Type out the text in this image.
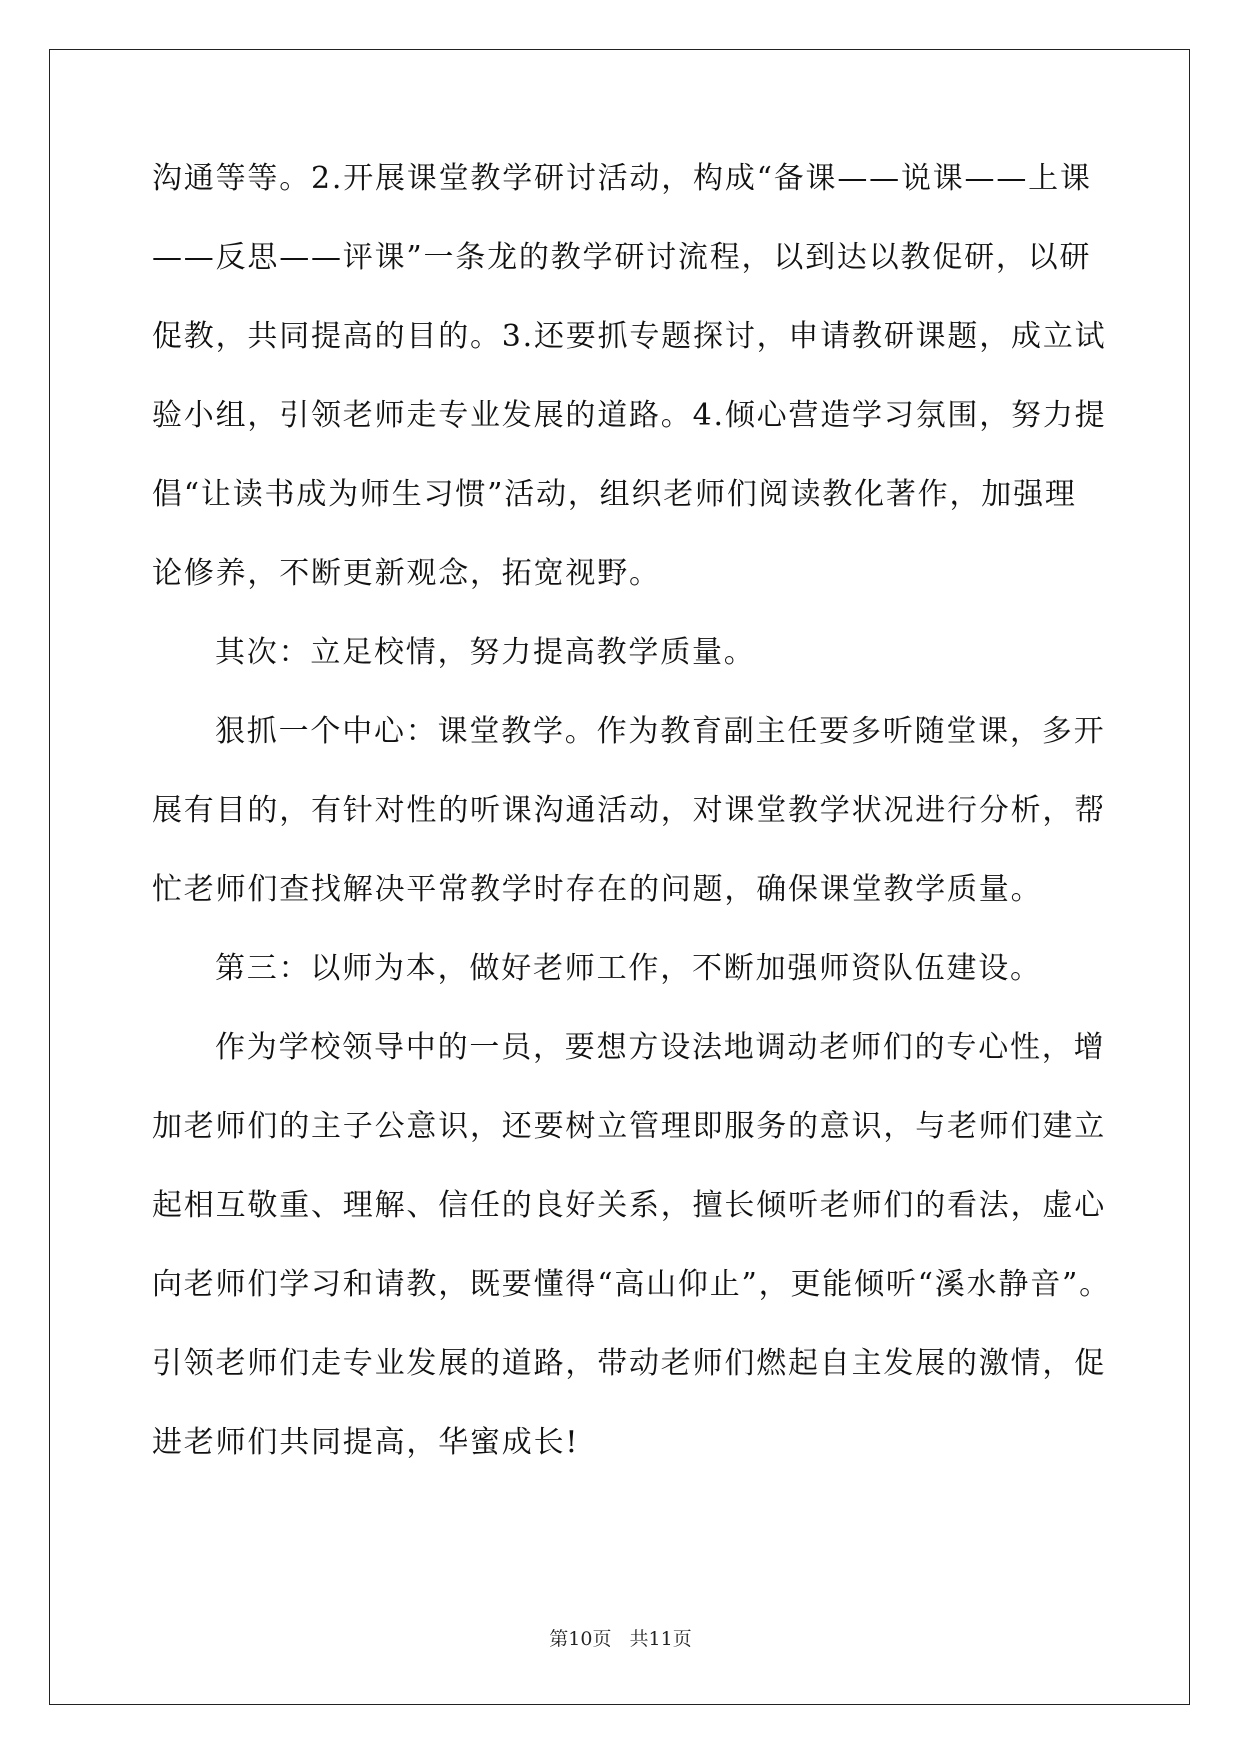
沟通等等。2.开展课堂教学研讨活动，构成“备课——说课——上课
——反思——评课”一条龙的教学研讨流程，以到达以教促研，以研
促教，共同提高的目的。3.还要抓专题探讨，申请教研课题，成立试
验小组，引领老师走专业发展的道路。4.倾心营造学习氛围，努力提
倡“让读书成为师生习惯”活动，组织老师们阅读教化著作，加强理
论修养，不断更新观念，拓宽视野。
其次：立足校情，努力提高教学质量。
狠抓一个中心：课堂教学。作为教育副主任要多听随堂课，多开
展有目的，有针对性的听课沟通活动，对课堂教学状况进行分析，帮
忙老师们查找解决平常教学时存在的问题，确保课堂教学质量。
第三：以师为本，做好老师工作，不断加强师资队伍建设。
作为学校领导中的一员，要想方设法地调动老师们的专心性，增
加老师们的主子公意识，还要树立管理即服务的意识，与老师们建立
起相互敬重、理解、信任的良好关系，擅长倾听老师们的看法，虚心
向老师们学习和请教，既要懂得“高山仰止”，更能倾听“溪水静音”。
引领老师们走专业发展的道路，带动老师们燃起自主发展的激情，促
进老师们共同提高，华蜜成长!
第10页 共11页
